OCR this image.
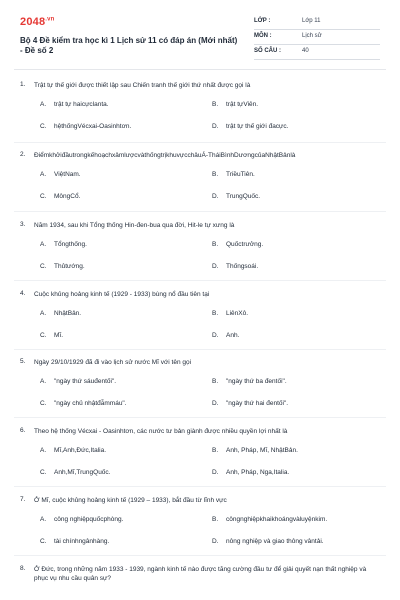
$2048^{.vn}$
Bộ 4 Đề kiểm tra học kì 1 Lịch sử 11 có đáp án (Mới nhất) - Đề số 2
LỚP :	Lớp 11
MÔN :	Lịch sử
SỐ CÂU :	40
1. Trật tự thế giới được thiết lập sau Chiến tranh thế giới thứ nhất được gọi là
A.	trật tự haicựclanta.	B.	trật tựViên.
C.	hệthốngVécxai-Oasinhtơn.	D.	trật tự thế giới đacực.
2. ĐiểmkhởiđầutrongkếhoạchxâmlượcvàthốngtrịkhuvựcchâuÁ-TháiBìnhDươngcủaNhậtBảnlà
A.	ViệtNam.	B.	TriềuTiên.
C.	MôngCổ.	D.	TrungQuốc.
3. Năm 1934, sau khi Tổng thống Hin-đen-bua qua đời, Hit-le tự xưng là
A.	Tổngthống.	B.	Quốctrưởng.
C.	Thủtướng.	D.	Thốngsoái.
4. Cuộc khủng hoảng kinh tế (1929 - 1933) bùng nổ đầu tiên tại
A.	NhậtBản.	B.	LiênXô.
C.	Mĩ.	D.	Anh.
5. Ngày 29/10/1929 đã đi vào lịch sử nước Mĩ với tên gọi
A.	"ngày thứ sáuđentối".	B.	"ngày thứ ba đentối".
C.	"ngày chủ nhậtđẫmmáu".	D.	"ngày thứ hai đentối".
6. Theo hệ thống Vécxai - Oasinhtơn, các nước tư bản giành được nhiều quyền lợi nhất là
A.	Mĩ,Anh,Đức,Italia.	B.	Anh, Pháp, Mĩ, NhậtBản.
C.	Anh,Mĩ,TrungQuốc.	D.	Anh, Pháp, Nga,Italia.
7. Ở Mĩ, cuộc khủng hoảng kinh tế (1929 – 1933), bắt đầu từ lĩnh vực
A.	công nghiệpquốcphòng.	B.	côngnghiệpkhaikhoángvàluyệnkim.
C.	tài chínhngânhàng.	D.	nông nghiệp và giao thông vântải.
8. Ở Đức, trong những năm 1933 - 1939, ngành kinh tế nào được tăng cường đầu tư để giải quyết nạn thất nghiệp và phục vụ nhu cầu quân sự?
